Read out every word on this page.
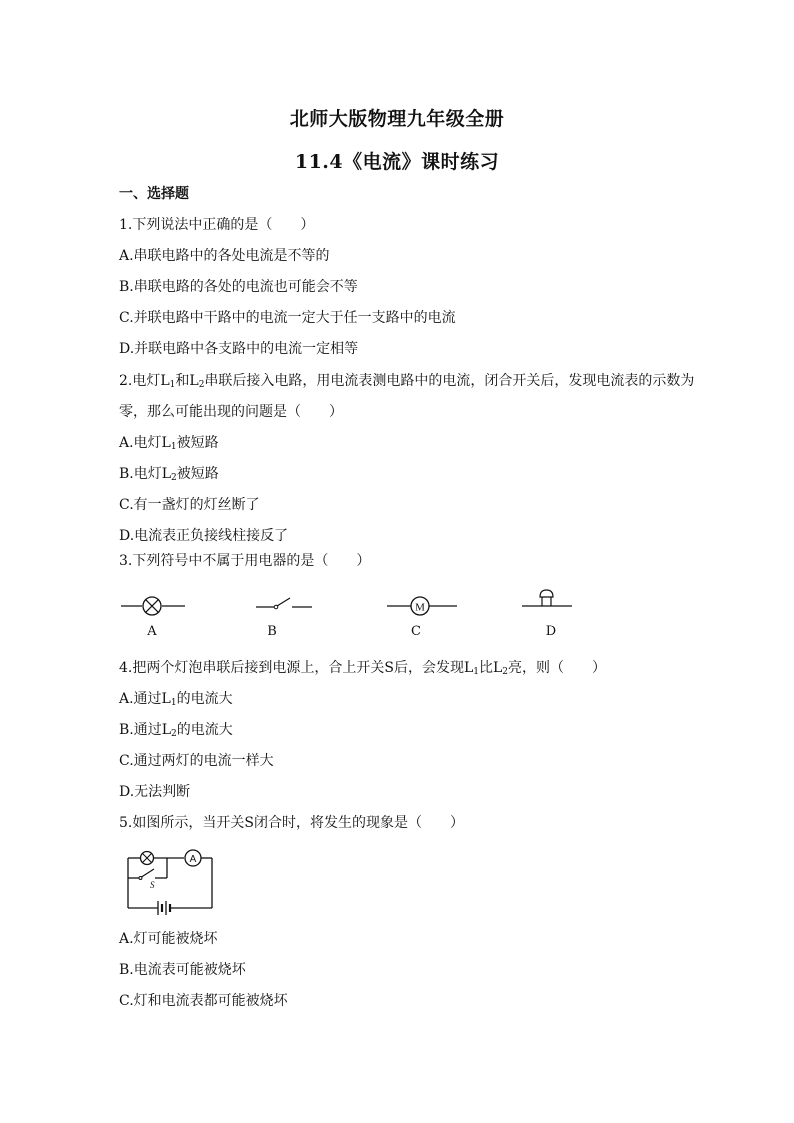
北师大版物理九年级全册
11.4《电流》课时练习
一、选择题
1.下列说法中正确的是（　　）
A.串联电路中的各处电流是不等的
B.串联电路的各处的电流也可能会不等
C.并联电路中干路中的电流一定大于任一支路中的电流
D.并联电路中各支路中的电流一定相等
2.电灯$L_1$和$L_2$串联后接入电路，用电流表测电路中的电流，闭合开关后，发现电流表的示数为
零，那么可能出现的问题是（　　）
A.电灯$L_1$被短路
B.电灯$L_2$被短路
C.有一盏灯的灯丝断了
D.电流表正负接线柱接反了
3.下列符号中不属于用电器的是（　　）
A	B
M
C	D
4.把两个灯泡串联后接到电源上，合上开关S后，会发现$L_1$比$L_2$亮，则（　　）
A.通过$L_1$的电流大
B.通过$L_2$的电流大
C.通过两灯的电流一样大
D.无法判断
5.如图所示，当开关S闭合时，将发生的现象是（　　）
A
S
A.灯可能被烧坏
B.电流表可能被烧坏
C.灯和电流表都可能被烧坏
